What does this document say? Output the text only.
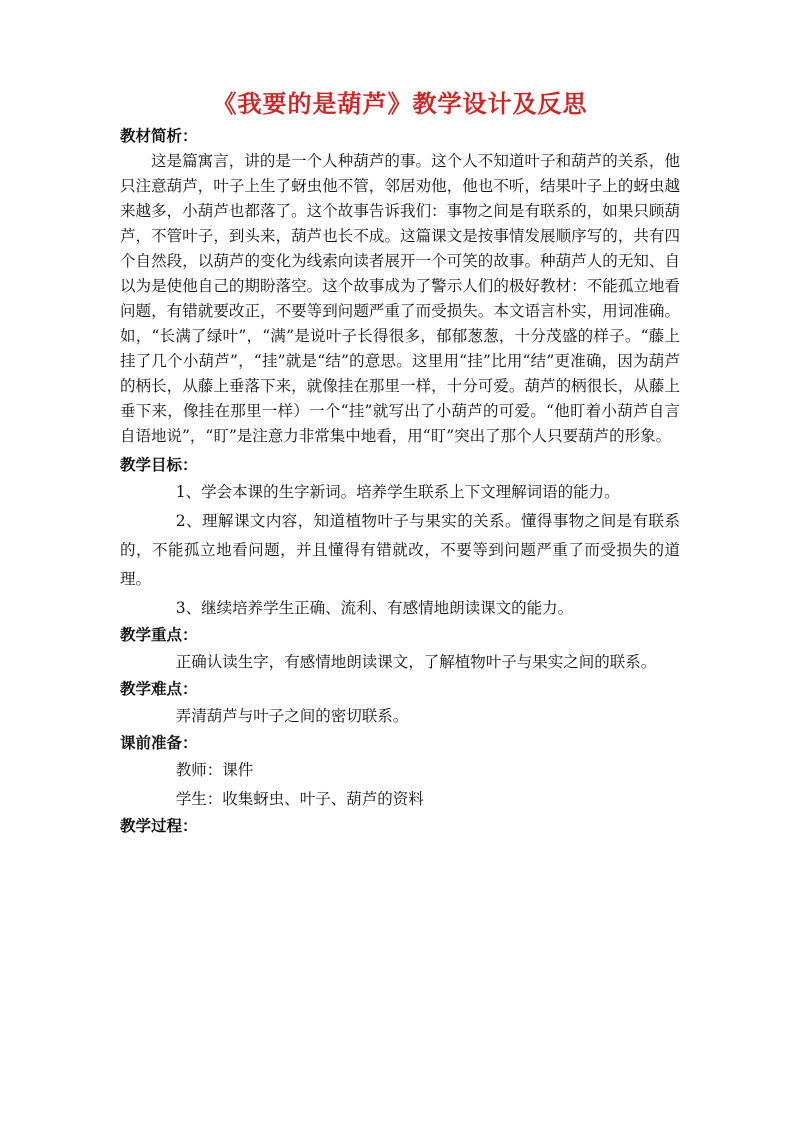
《我要的是葫芦》教学设计及反思
教材简析：

这是篇寓言，讲的是一个人种葫芦的事。这个人不知道叶子和葫芦的关系，他只注意葫芦，叶子上生了蚜虫他不管，邻居劝他，他也不听，结果叶子上的蚜虫越来越多，小葫芦也都落了。这个故事告诉我们：事物之间是有联系的，如果只顾葫芦，不管叶子，到头来，葫芦也长不成。这篇课文是按事情发展顺序写的，共有四个自然段，以葫芦的变化为线索向读者展开一个可笑的故事。种葫芦人的无知、自以为是使他自己的期盼落空。这个故事成为了警示人们的极好教材：不能孤立地看问题，有错就要改正，不要等到问题严重了而受损失。本文语言朴实，用词准确。如，“长满了绿叶”，“满”是说叶子长得很多，郁郁葱葱，十分茂盛的样子。“藤上挂了几个小葫芦”，“挂”就是“结”的意思。这里用“挂”比用“结”更准确，因为葫芦的柄长，从藤上垂落下来，就像挂在那里一样，十分可爱。葫芦的柄很长，从藤上垂下来，像挂在那里一样）一个“挂”就写出了小葫芦的可爱。“他盯着小葫芦自言自语地说”，“盯”是注意力非常集中地看，用“盯”突出了那个人只要葫芦的形象。

教学目标：

1、学会本课的生字新词。培养学生联系上下文理解词语的能力。

2、理解课文内容，知道植物叶子与果实的关系。懂得事物之间是有联系的，不能孤立地看问题，并且懂得有错就改，不要等到问题严重了而受损失的道理。

3、继续培养学生正确、流利、有感情地朗读课文的能力。

教学重点：

正确认读生字，有感情地朗读课文，了解植物叶子与果实之间的联系。

教学难点：

弄清葫芦与叶子之间的密切联系。

课前准备：

教师：课件

学生：收集蚜虫、叶子、葫芦的资料

教学过程：
